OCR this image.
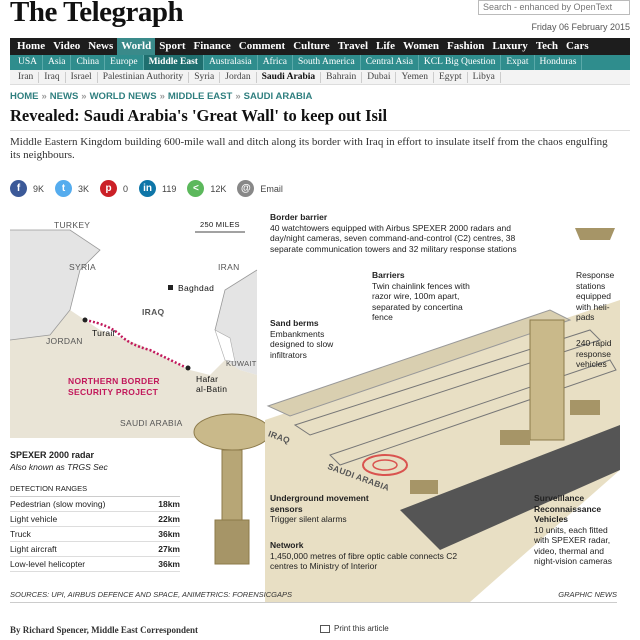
The Telegraph	Search - enhanced by OpenText
Friday 06 February 2015
Home Video News World Sport Finance Comment Culture Travel Life Women Fashion Luxury Tech Cars
USA	Asia	China	Europe	Middle East	Australasia	Africa	South America	Central Asia	KCL Big Question	Expat	Honduras
Iran	Iraq	Israel	Palestinian Authority	Syria	Jordan	Saudi Arabia	Bahrain	Dubai	Yemen	Egypt	Libya
HOME » NEWS » WORLD NEWS » MIDDLE EAST » SAUDI ARABIA
Revealed: Saudi Arabia's 'Great Wall' to keep out Isil

Middle Eastern Kingdom building 600-mile wall and ditch along its border with Iraq in effort to insulate itself from the chaos engulfing its neighbours.

f	9K	t	3K	p	0	in	119	<	12K	@	Email
TURKEY
SYRIA	IRAN
IRAQ
JORDAN
KUWAIT
SAUDI ARABIA
Baghdad
Turaif
Hafar
al-Batin
250 MILES
NORTHERN BORDER
SECURITY PROJECT
SPEXER 2000 radar
Also known as TRGS Sec
DETECTION RANGES
Pedestrian (slow moving)	18km
Light vehicle	22km
Truck	36km
Light aircraft	27km
Low-level helicopter	36km
Border barrier
40 watchtowers equipped with Airbus SPEXER 2000 radars and day/night cameras, seven command-and-control (C2) centres, 38 separate communication towers and 32 military response stations
Barriers
Twin chainlink fences with razor wire, 100m apart, separated by concertina fence
Sand berms
Embankments designed to slow infiltrators
Response stations equipped with heli-pads
240 rapid response vehicles
Underground movement sensors
Trigger silent alarms
Network
1,450,000 metres of fibre optic cable connects C2 centres to Ministry of Interior
Surveillance Reconnaissance Vehicles
10 units, each fitted with SPEXER radar, video, thermal and night-vision cameras
IRAQ
SAUDI ARABIA
SOURCES: UPI, AIRBUS DEFENCE AND SPACE, ANIMETRICS: FORENSICGAPS	GRAPHIC NEWS
By Richard Spencer, Middle East Correspondent	Print this article
